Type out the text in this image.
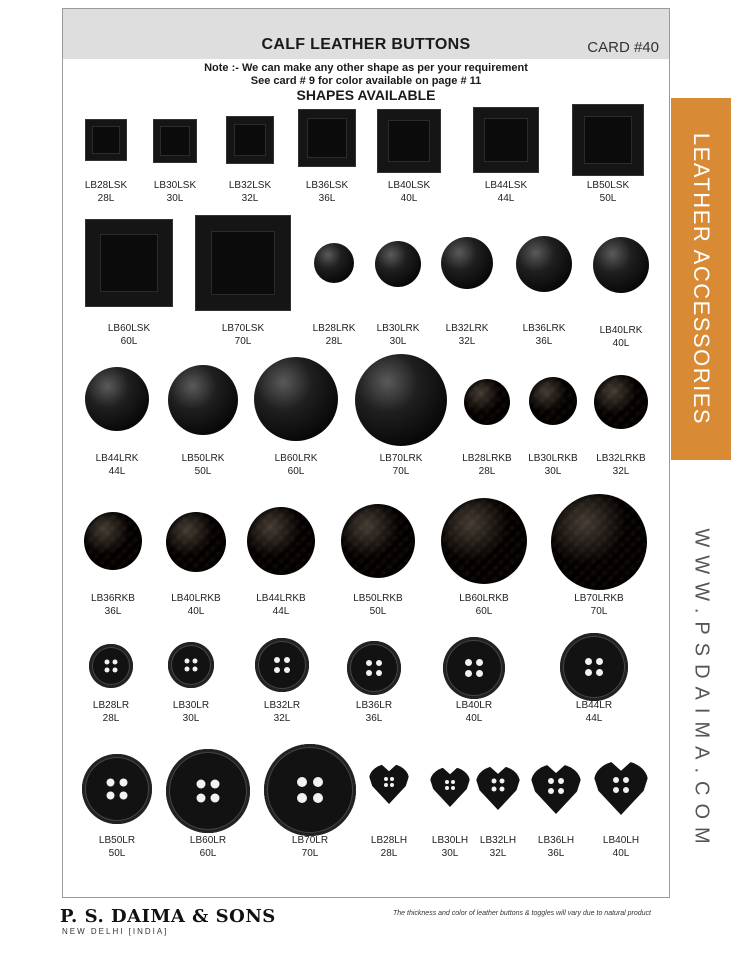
CALF LEATHER BUTTONS	CARD #40
Note :- We can make any other shape as per your requirement
See card # 9 for color available on page # 11
SHAPES AVAILABLE
LB28LSK
28L
LB30LSK
30L
LB32LSK
32L
LB36LSK
36L
LB40LSK
40L
LB44LSK
44L
LB50LSK
50L
LB60LSK
60L
LB70LSK
70L
LB28LRK
28L
LB30LRK
30L
LB32LRK
32L
LB36LRK
36L
LB40LRK
40L
LB44LRK
44L
LB50LRK
50L
LB60LRK
60L
LB70LRK
70L
LB28LRKB
28L
LB30LRKB
30L
LB32LRKB
32L
LB36RKB
36L
LB40LRKB
40L
LB44LRKB
44L
LB50LRKB
50L
LB60LRKB
60L
LB70LRKB
70L
LB28LR
28L
LB30LR
30L
LB32LR
32L
LB36LR
36L
LB40LR
40L
LB44LR
44L
LB50LR
50L
LB60LR
60L
LB70LR
70L
LB28LH
28L
LB30LH
30L
LB32LH
32L
LB36LH
36L
LB40LH
40L
LEATHER ACCESSORIES
WWW.PSDAIMA.COM
P. S. DAIMA & SONS
NEW DELHI [INDIA]
The thickness and color of leather buttons & toggles will vary due to natural product
